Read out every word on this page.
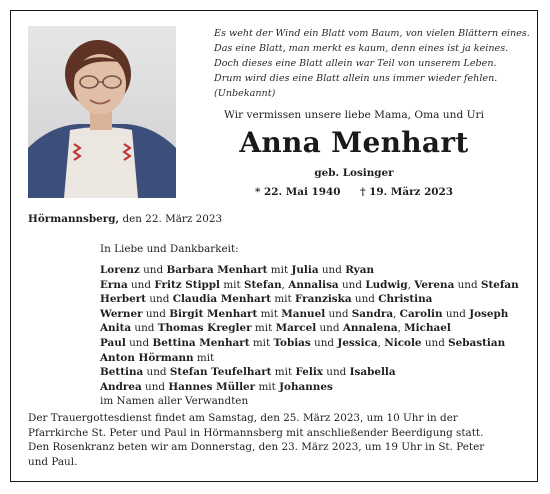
Es weht der Wind ein Blatt vom Baum, von vielen Blättern eines.
Das eine Blatt, man merkt es kaum, denn eines ist ja keines.
Doch dieses eine Blatt allein war Teil von unserem Leben.
Drum wird dies eine Blatt allein uns immer wieder fehlen.
(Unbekannt)
Wir vermissen unsere liebe Mama, Oma und Uri
Anna Menhart
geb. Losinger
* 22. Mai 1940 † 19. März 2023
Hörmannsberg, den 22. März 2023
In Liebe und Dankbarkeit:
Lorenz und Barbara Menhart mit Julia und Ryan
Erna und Fritz Stippl mit Stefan, Annalisa und Ludwig, Verena und Stefan
Herbert und Claudia Menhart mit Franziska und Christina
Werner und Birgit Menhart mit Manuel und Sandra, Carolin und Joseph
Anita und Thomas Kregler mit Marcel und Annalena, Michael
Paul und Bettina Menhart mit Tobias und Jessica, Nicole und Sebastian
Anton Hörmann mit
Bettina und Stefan Teufelhart mit Felix und Isabella
Andrea und Hannes Müller mit Johannes
im Namen aller Verwandten
Der Trauergottesdienst findet am Samstag, den 25. März 2023, um 10 Uhr in der
Pfarrkirche St. Peter und Paul in Hörmannsberg mit anschließender Beerdigung statt.
Den Rosenkranz beten wir am Donnerstag, den 23. März 2023, um 19 Uhr in St. Peter
und Paul.
